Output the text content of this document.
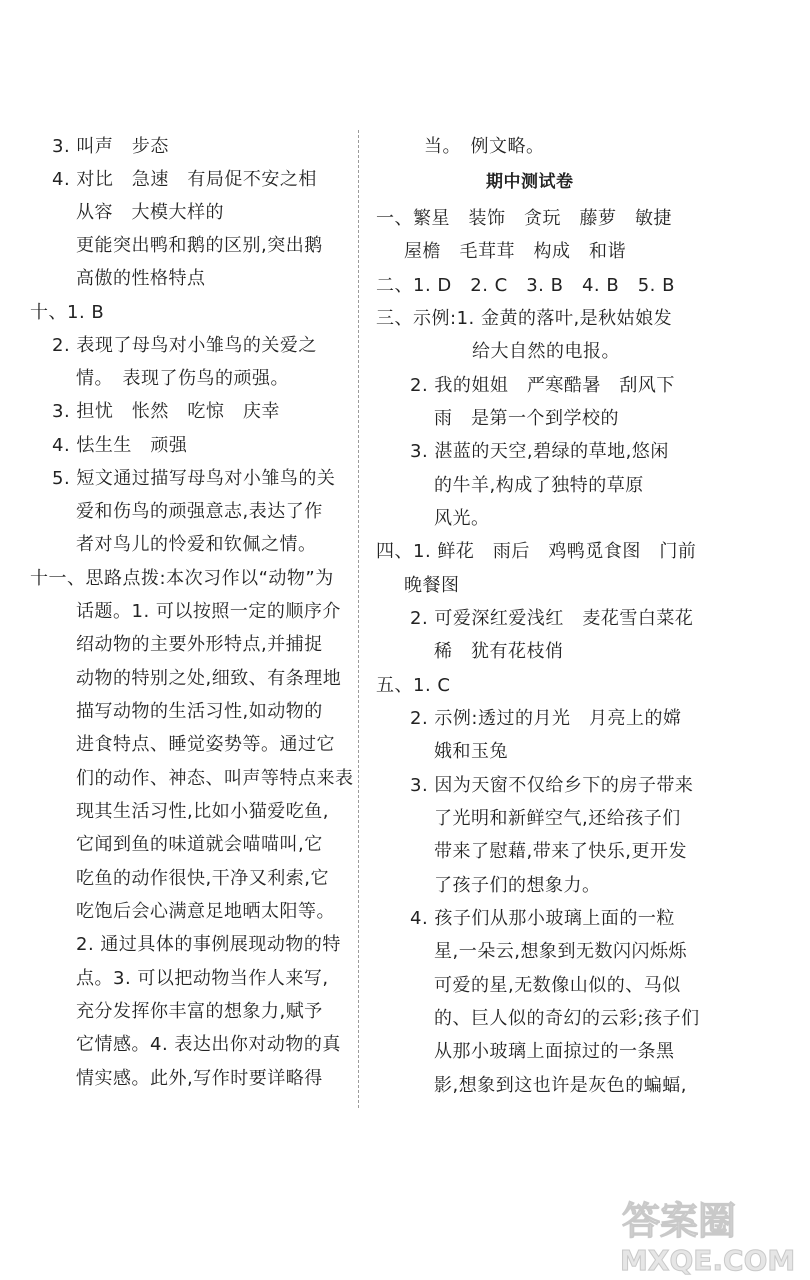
3. 叫声　步态
4. 对比　急速　有局促不安之相
从容　大模大样的
更能突出鸭和鹅的区别,突出鹅
高傲的性格特点
十、1. B
2. 表现了母鸟对小雏鸟的关爱之
情。　表现了伤鸟的顽强。
3. 担忧　怅然　吃惊　庆幸
4. 怯生生　顽强
5. 短文通过描写母鸟对小雏鸟的关
爱和伤鸟的顽强意志,表达了作
者对鸟儿的怜爱和钦佩之情。
十一、思路点拨:本次习作以“动物”为
话题。1. 可以按照一定的顺序介
绍动物的主要外形特点,并捕捉
动物的特别之处,细致、有条理地
描写动物的生活习性,如动物的
进食特点、睡觉姿势等。通过它
们的动作、神态、叫声等特点来表
现其生活习性,比如小猫爱吃鱼,
它闻到鱼的味道就会喵喵叫,它
吃鱼的动作很快,干净又利索,它
吃饱后会心满意足地晒太阳等。
2. 通过具体的事例展现动物的特
点。3. 可以把动物当作人来写,
充分发挥你丰富的想象力,赋予
它情感。4. 表达出你对动物的真
情实感。此外,写作时要详略得
当。　例文略。
期中测试卷
一、繁星　装饰　贪玩　藤萝　敏捷
屋檐　毛茸茸　构成　和谐
二、1. D　2. C　3. B　4. B　5. B
三、示例:1. 金黄的落叶,是秋姑娘发
给大自然的电报。
2. 我的姐姐　严寒酷暑　刮风下
雨　是第一个到学校的
3. 湛蓝的天空,碧绿的草地,悠闲
的牛羊,构成了独特的草原
风光。
四、1. 鲜花　雨后　鸡鸭觅食图　门前
晚餐图
2. 可爱深红爱浅红　麦花雪白菜花
稀　犹有花枝俏
五、1. C
2. 示例:透过的月光　月亮上的嫦
娥和玉兔
3. 因为天窗不仅给乡下的房子带来
了光明和新鲜空气,还给孩子们
带来了慰藉,带来了快乐,更开发
了孩子们的想象力。
4. 孩子们从那小玻璃上面的一粒
星,一朵云,想象到无数闪闪烁烁
可爱的星,无数像山似的、马似
的、巨人似的奇幻的云彩;孩子们
从那小玻璃上面掠过的一条黑
影,想象到这也许是灰色的蝙蝠,
答案圈
MXQE.COM
